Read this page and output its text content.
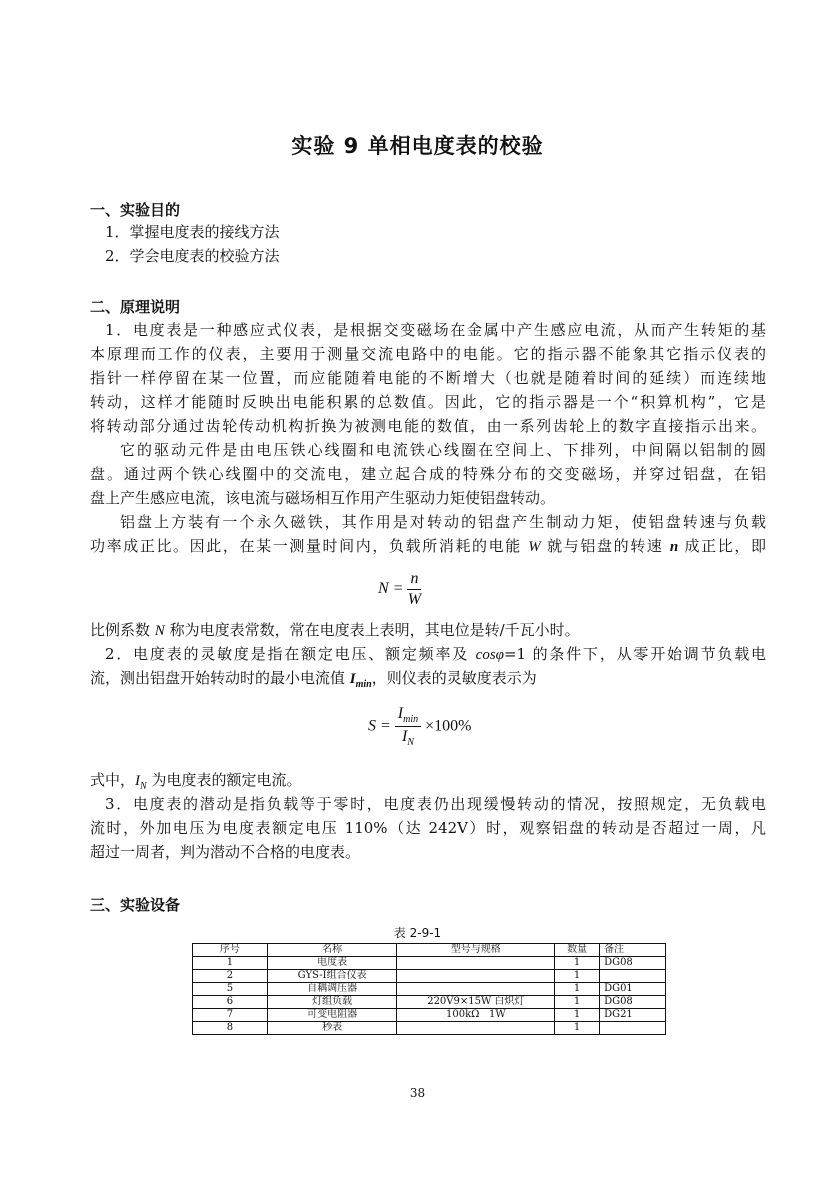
实验 9 单相电度表的校验
一、实验目的
1．掌握电度表的接线方法
2．学会电度表的校验方法
二、原理说明
1．电度表是一种感应式仪表，是根据交变磁场在金属中产生感应电流，从而产生转矩的基
本原理而工作的仪表，主要用于测量交流电路中的电能。它的指示器不能象其它指示仪表的
指针一样停留在某一位置，而应能随着电能的不断增大（也就是随着时间的延续）而连续地
转动，这样才能随时反映出电能积累的总数值。因此，它的指示器是一个“积算机构”，它是
将转动部分通过齿轮传动机构折换为被测电能的数值，由一系列齿轮上的数字直接指示出来。
它的驱动元件是由电压铁心线圈和电流铁心线圈在空间上、下排列，中间隔以铝制的圆
盘。通过两个铁心线圈中的交流电，建立起合成的特殊分布的交变磁场，并穿过铝盘，在铝
盘上产生感应电流，该电流与磁场相互作用产生驱动力矩使铝盘转动。
铝盘上方装有一个永久磁铁，其作用是对转动的铝盘产生制动力矩，使铝盘转速与负载
功率成正比。因此，在某一测量时间内，负载所消耗的电能 W 就与铝盘的转速 n 成正比，即
$N = \frac{n}{W}$
比例系数 N 称为电度表常数，常在电度表上表明，其电位是转/千瓦小时。
2．电度表的灵敏度是指在额定电压、额定频率及 cosφ=1 的条件下，从零开始调节负载电
流，测出铝盘开始转动时的最小电流值 $I_{min}$，则仪表的灵敏度表示为
$S = \frac{I_{min}}{I_N} \times 100\%$
式中，$I_N$ 为电度表的额定电流。
3．电度表的潜动是指负载等于零时，电度表仍出现缓慢转动的情况，按照规定，无负载电
流时，外加电压为电度表额定电压 110%（达 242V）时，观察铝盘的转动是否超过一周，凡
超过一周者，判为潜动不合格的电度表。
三、实验设备
表 2-9-1
序号	名称	型号与规格	数量	备注
1	电度表		1	DG08
2	GYS-Ⅰ组合仪表		1	
5	自耦调压器		1	DG01
6	灯组负载	220V9×15W 白炽灯	1	DG08
7	可变电阻器	100kΩ   1W	1	DG21
8	秒表		1	
38
